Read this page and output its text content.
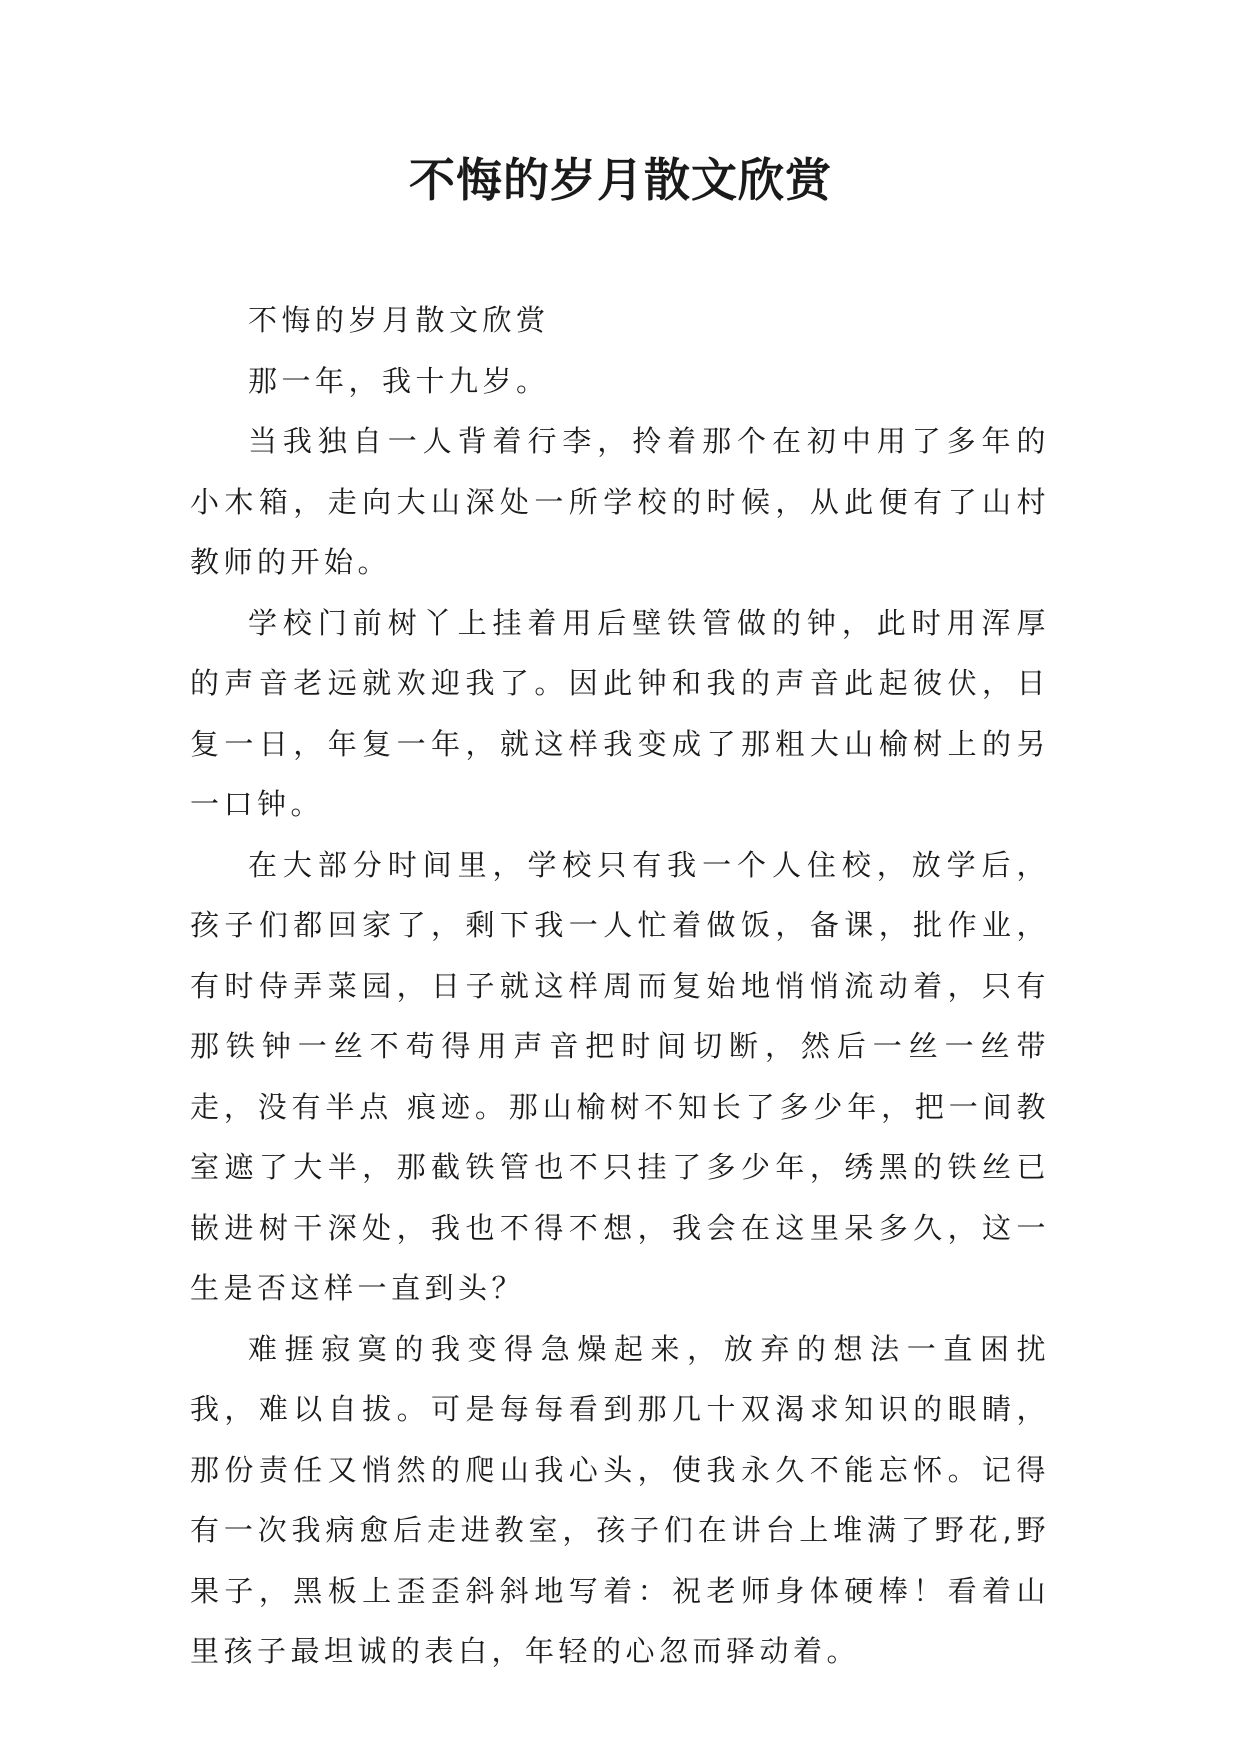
不悔的岁月散文欣赏

不悔的岁月散文欣赏

那一年，我十九岁。

当我独自一人背着行李，拎着那个在初中用了多年的小木箱，走向大山深处一所学校的时候，从此便有了山村教师的开始。

学校门前树丫上挂着用后壁铁管做的钟，此时用浑厚的声音老远就欢迎我了。因此钟和我的声音此起彼伏，日复一日，年复一年，就这样我变成了那粗大山榆树上的另一口钟。

在大部分时间里，学校只有我一个人住校，放学后，孩子们都回家了，剩下我一人忙着做饭，备课，批作业，有时侍弄菜园，日子就这样周而复始地悄悄流动着，只有那铁钟一丝不苟得用声音把时间切断，然后一丝一丝带走，没有半点 痕迹。那山榆树不知长了多少年，把一间教室遮了大半，那截铁管也不只挂了多少年，绣黑的铁丝已嵌进树干深处，我也不得不想，我会在这里呆多久，这一生是否这样一直到头？

难捱寂寞的我变得急燥起来，放弃的想法一直困扰我，难以自拔。可是每每看到那几十双渴求知识的眼睛，那份责任又悄然的爬山我心头，使我永久不能忘怀。记得有一次我病愈后走进教室，孩子们在讲台上堆满了野花,野果子，黑板上歪歪斜斜地写着：祝老师身体硬棒！看着山里孩子最坦诚的表白，年轻的心忽而驿动着。
